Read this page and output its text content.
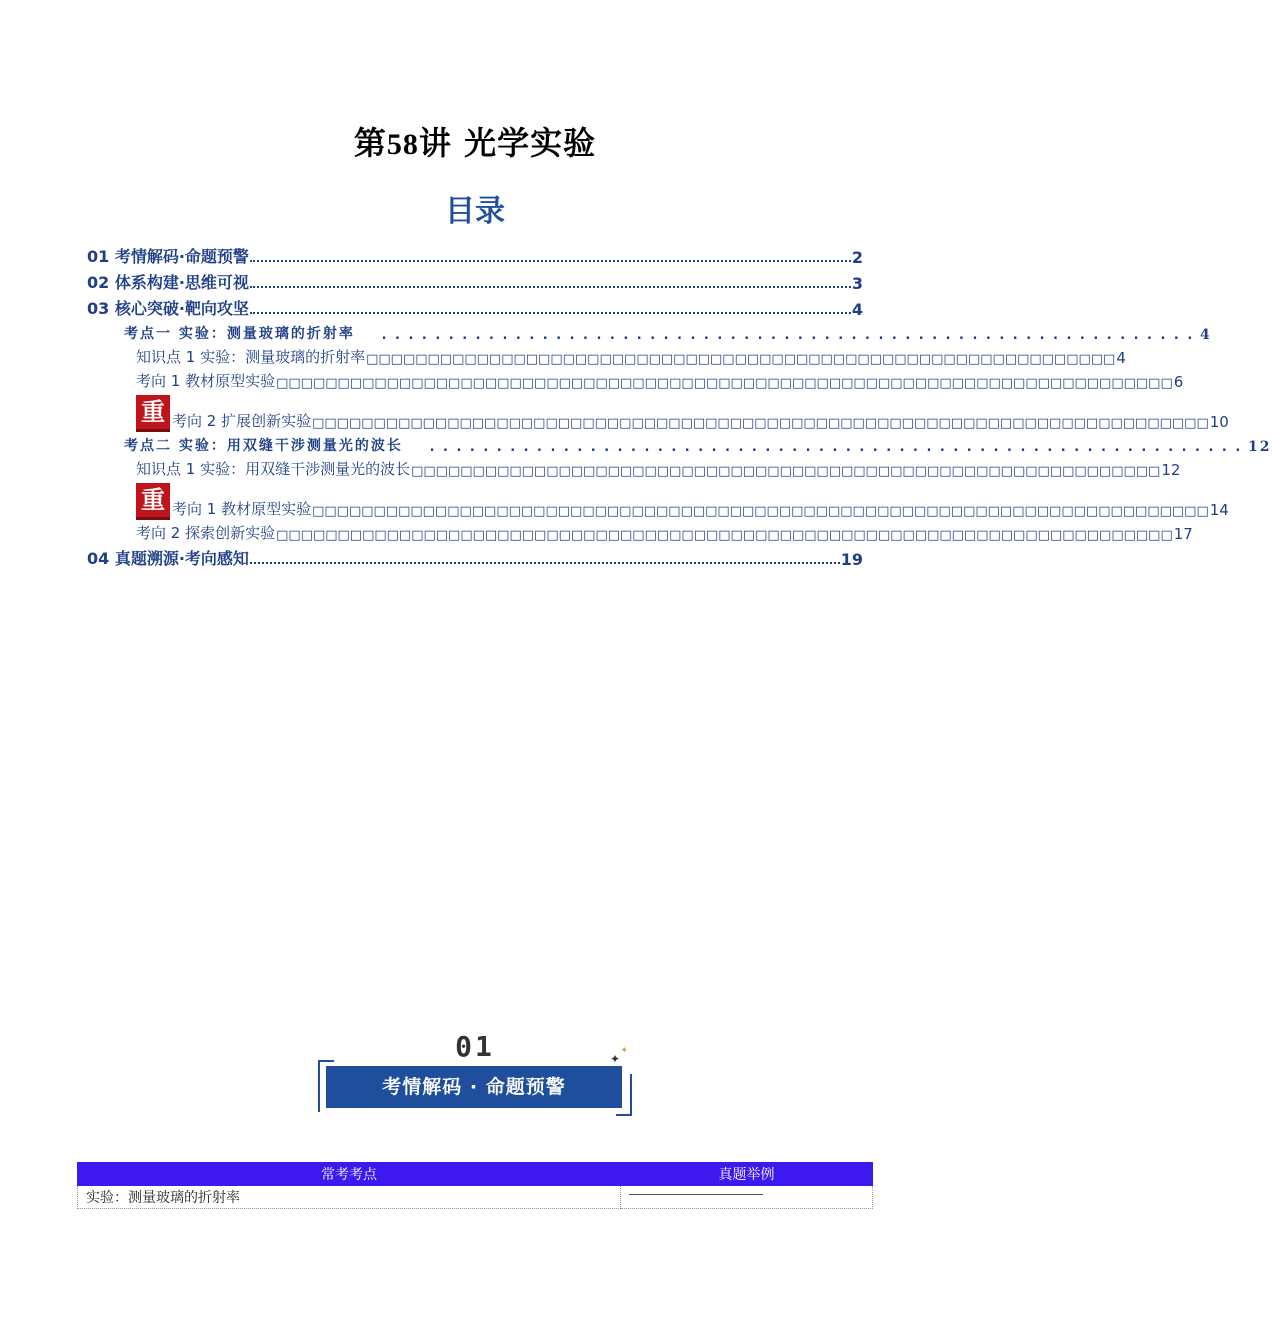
第58讲 光学实验
目录
01 考情解码·命题预警	2
02 体系构建·思维可视	3
03 核心突破·靶向攻坚	4
考点一 实验：测量玻璃的折射率	............................................................. 4
知识点 1 实验：测量玻璃的折射率 □□□□□□□□□□□□□□□□□□□□□□□□□□□□□□□□□□□□□□□□□□□□□□□□□□□□□□□□□□□□□ 4
考向 1 教材原型实验 □□□□□□□□□□□□□□□□□□□□□□□□□□□□□□□□□□□□□□□□□□□□□□□□□□□□□□□□□□□□□□□□□□□□□□□□□ 6
重 考向 2 扩展创新实验 □□□□□□□□□□□□□□□□□□□□□□□□□□□□□□□□□□□□□□□□□□□□□□□□□□□□□□□□□□□□□□□□□□□□□□□□□ 10
考点二 实验：用双缝干涉测量光的波长	............................................................. 12
知识点 1 实验：用双缝干涉测量光的波长 □□□□□□□□□□□□□□□□□□□□□□□□□□□□□□□□□□□□□□□□□□□□□□□□□□□□□□□□□□□□□ 12
重 考向 1 教材原型实验 □□□□□□□□□□□□□□□□□□□□□□□□□□□□□□□□□□□□□□□□□□□□□□□□□□□□□□□□□□□□□□□□□□□□□□□□□ 14
考向 2 探索创新实验 □□□□□□□□□□□□□□□□□□□□□□□□□□□□□□□□□□□□□□□□□□□□□□□□□□□□□□□□□□□□□□□□□□□□□□□□□ 17
04 真题溯源·考向感知	19
01	✦
✦
考情解码 · 命题预警
常考考点	真题举例
实验：测量玻璃的折射率	
